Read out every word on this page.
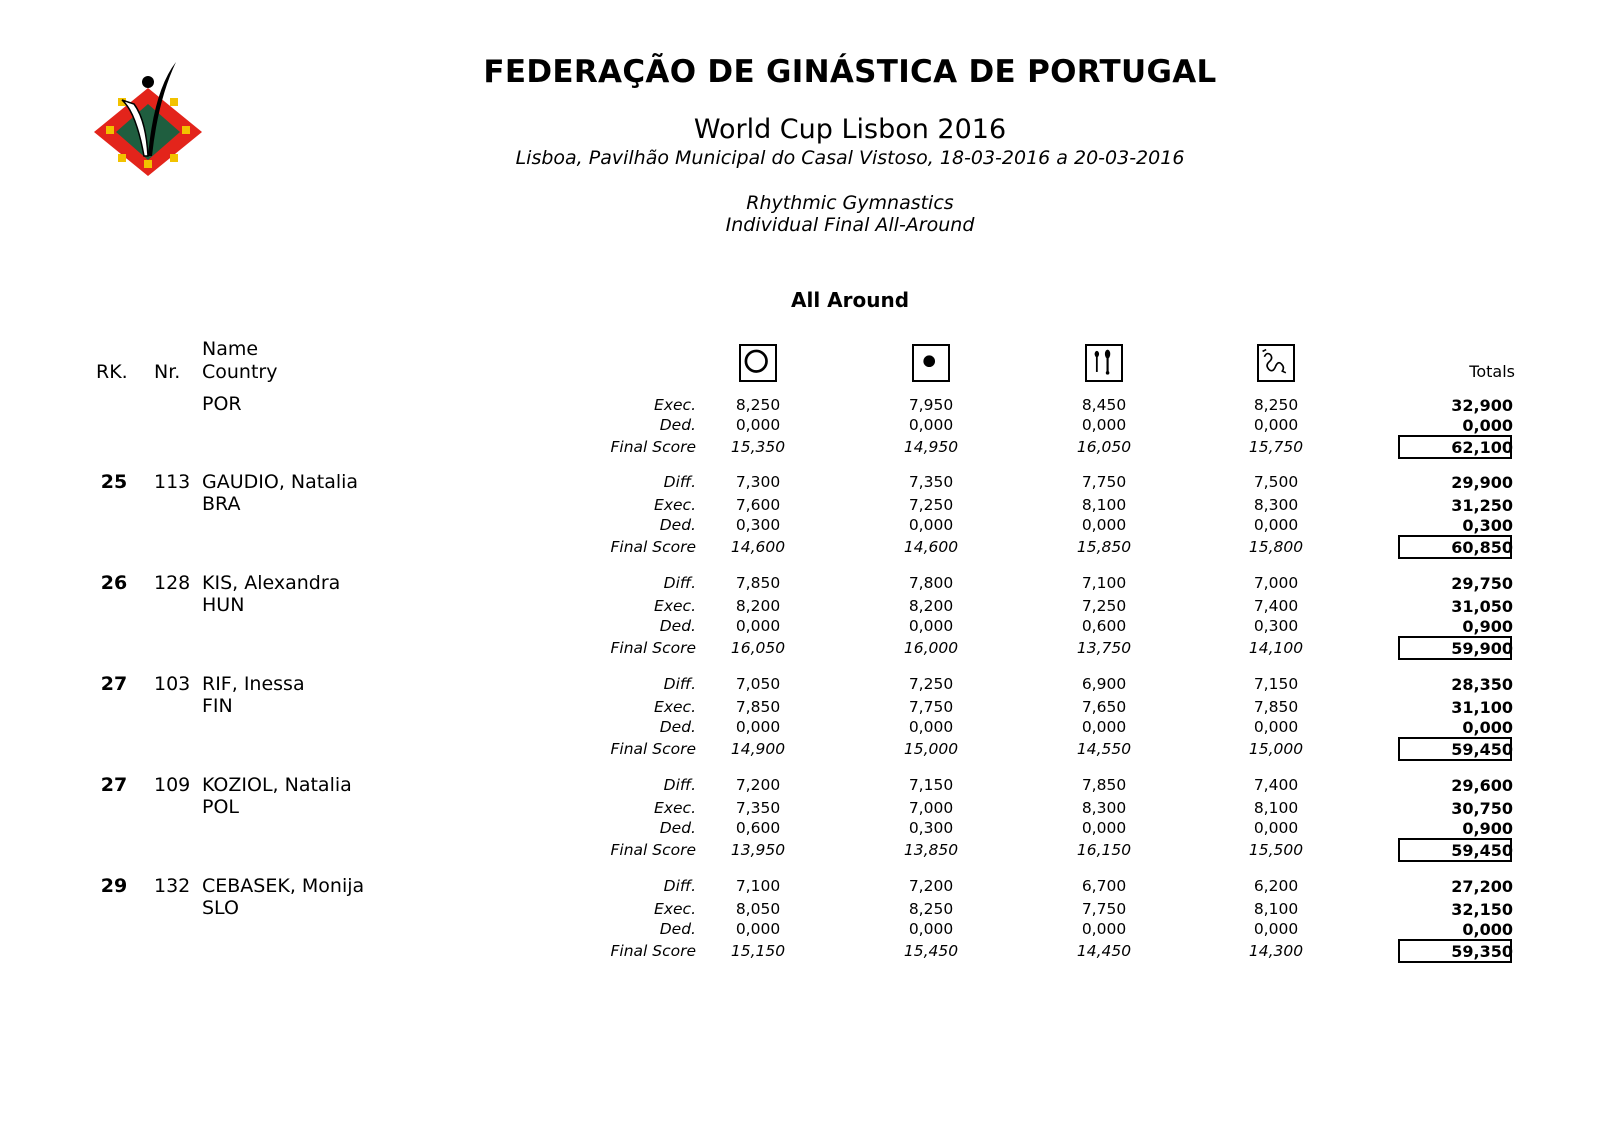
FEDERAÇÃO DE GINÁSTICA DE PORTUGAL
World Cup Lisbon 2016
Lisboa, Pavilhão Municipal do Casal Vistoso, 18-03-2016 a 20-03-2016
Rhythmic Gymnastics
Individual Final All-Around
All Around
RK. Nr.
Name
Country	Totals
POR	Exec.	8,250	7,950	8,450	8,250	32,900
Ded.	0,000	0,000	0,000	0,000	0,000
Final Score	15,350	14,950	16,050	15,750	62,100
25 113 GAUDIO, Natalia
BRA
Diff.	7,300	7,350	7,750	7,500	29,900
Exec.	7,600	7,250	8,100	8,300	31,250
Ded.	0,300	0,000	0,000	0,000	0,300
Final Score	14,600	14,600	15,850	15,800	60,850
26 128 KIS, Alexandra
HUN
Diff.	7,850	7,800	7,100	7,000	29,750
Exec.	8,200	8,200	7,250	7,400	31,050
Ded.	0,000	0,000	0,600	0,300	0,900
Final Score	16,050	16,000	13,750	14,100	59,900
27 103 RIF, Inessa
FIN
Diff.	7,050	7,250	6,900	7,150	28,350
Exec.	7,850	7,750	7,650	7,850	31,100
Ded.	0,000	0,000	0,000	0,000	0,000
Final Score	14,900	15,000	14,550	15,000	59,450
27 109 KOZIOL, Natalia
POL
Diff.	7,200	7,150	7,850	7,400	29,600
Exec.	7,350	7,000	8,300	8,100	30,750
Ded.	0,600	0,300	0,000	0,000	0,900
Final Score	13,950	13,850	16,150	15,500	59,450
29 132 CEBASEK, Monija
SLO
Diff.	7,100	7,200	6,700	6,200	27,200
Exec.	8,050	8,250	7,750	8,100	32,150
Ded.	0,000	0,000	0,000	0,000	0,000
Final Score	15,150	15,450	14,450	14,300	59,350
